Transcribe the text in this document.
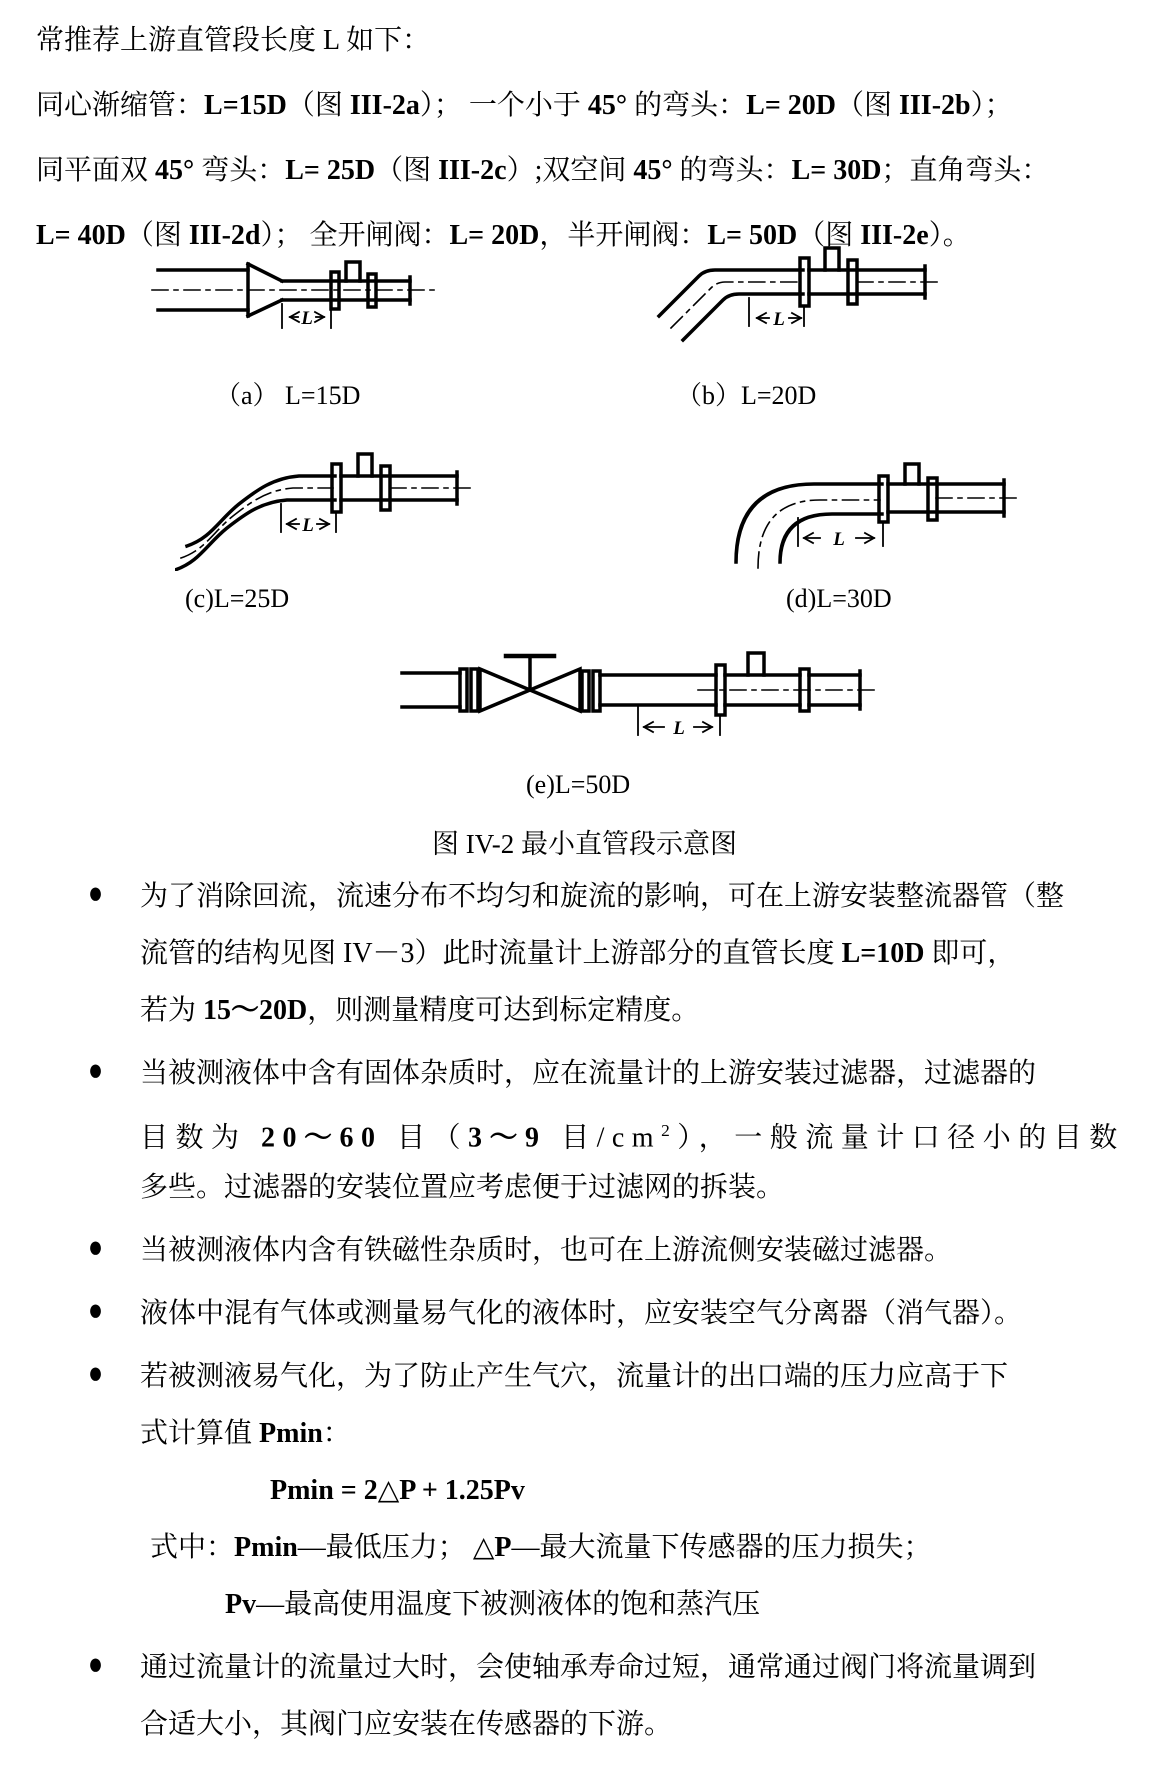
常推荐上游直管段长度 L 如下：
同心渐缩管：L=15D（图 III-2a）； 一个小于 45° 的弯头：L= 20D（图 III-2b）；
同平面双 45° 弯头：L= 25D（图 III-2c）;双空间 45° 的弯头：L= 30D；直角弯头：
L= 40D（图 III-2d）； 全开闸阀：L= 20D，半开闸阀：L= 50D（图 III-2e）。
L	L
（a） L=15D	（b）L=20D
L
L
(c)L=25D	(d)L=30D
L
(e)L=50D
图 IV-2 最小直管段示意图
● 为了消除回流，流速分布不均匀和旋流的影响，可在上游安装整流器管（整
流管的结构见图 IV－3）此时流量计上游部分的直管长度 L=10D 即可，
若为 15～20D，则测量精度可达到标定精度。
● 当被测液体中含有固体杂质时，应在流量计的上游安装过滤器，过滤器的
目数为 20～60 目（3～9 目$/cm^2$），一般流量计口径小的目数
多些。过滤器的安装位置应考虑便于过滤网的拆装。
● 当被测液体内含有铁磁性杂质时，也可在上游流侧安装磁过滤器。
● 液体中混有气体或测量易气化的液体时，应安装空气分离器（消气器）。
● 若被测液易气化，为了防止产生气穴，流量计的出口端的压力应高于下
式计算值 Pmin：
Pmin = 2△P + 1.25Pv
式中：Pmin—最低压力； △P—最大流量下传感器的压力损失；
Pv—最高使用温度下被测液体的饱和蒸汽压
● 通过流量计的流量过大时，会使轴承寿命过短，通常通过阀门将流量调到
合适大小，其阀门应安装在传感器的下游。
